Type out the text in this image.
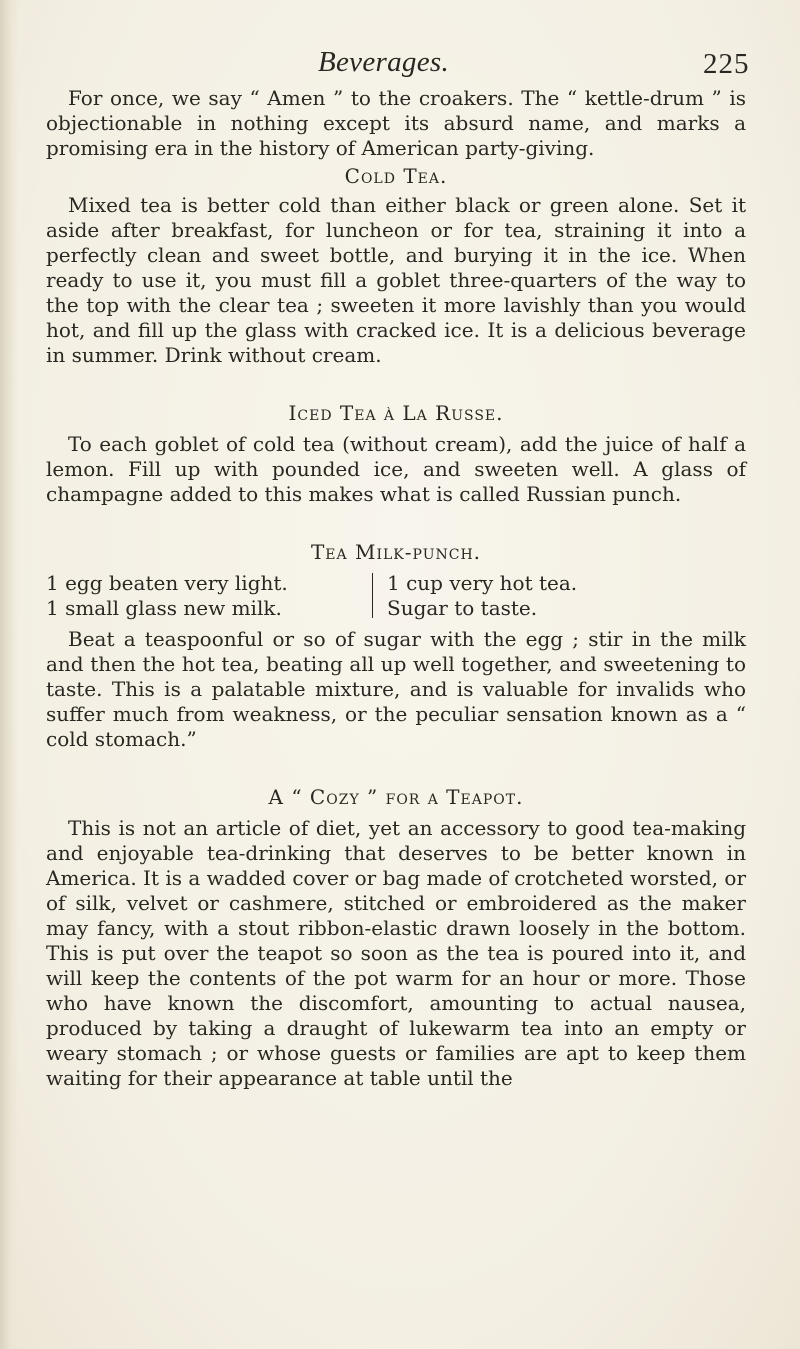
Beverages.	225

For once, we say “ Amen ” to the croakers. The “ kettle-drum ” is objectionable in nothing except its absurd name, and marks a promising era in the history of American party-giving.

Cold Tea.

Mixed tea is better cold than either black or green alone. Set it aside after breakfast, for luncheon or for tea, straining it into a perfectly clean and sweet bottle, and burying it in the ice. When ready to use it, you must fill a goblet three-quarters of the way to the top with the clear tea ; sweeten it more lavishly than you would hot, and fill up the glass with cracked ice. It is a delicious beverage in summer. Drink without cream.

Iced Tea à La Russe.

To each goblet of cold tea (without cream), add the juice of half a lemon. Fill up with pounded ice, and sweeten well. A glass of champagne added to this makes what is called Russian punch.

Tea Milk-punch.

1 egg beaten very light.
1 small glass new milk.
1 cup very hot tea.
Sugar to taste.

Beat a teaspoonful or so of sugar with the egg ; stir in the milk and then the hot tea, beating all up well together, and sweetening to taste. This is a palatable mixture, and is valuable for invalids who suffer much from weakness, or the peculiar sensation known as a “ cold stomach.”

A “ Cozy ” for a Teapot.

This is not an article of diet, yet an accessory to good tea-making and enjoyable tea-drinking that deserves to be better known in America. It is a wadded cover or bag made of crotcheted worsted, or of silk, velvet or cashmere, stitched or embroidered as the maker may fancy, with a stout ribbon-elastic drawn loosely in the bottom. This is put over the teapot so soon as the tea is poured into it, and will keep the contents of the pot warm for an hour or more. Those who have known the discomfort, amounting to actual nausea, produced by taking a draught of lukewarm tea into an empty or weary stomach ; or whose guests or families are apt to keep them waiting for their appearance at table until the
